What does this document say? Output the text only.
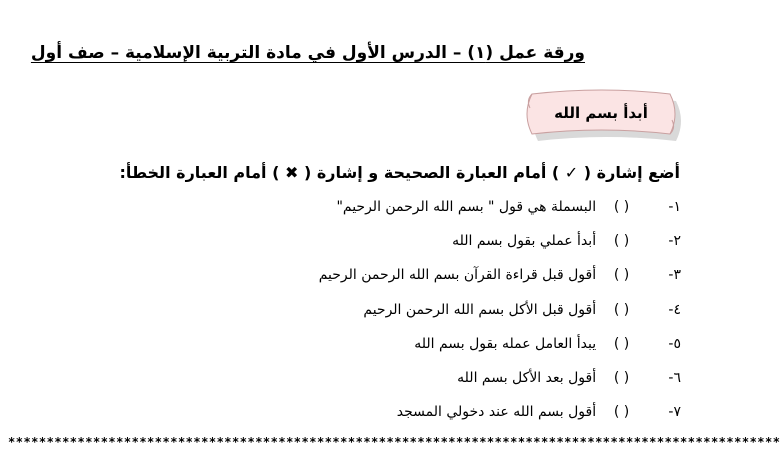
ورقة عمل (١) – الدرس الأول في مادة التربية الإسلامية – صف أول
أبدأ بسم الله
أضع إشارة ( ✓ ) أمام العبارة الصحيحة و إشارة ( ✖ ) أمام العبارة الخطأ:
١- ( ) البسملة هي قول " بسم الله الرحمن الرحيم"
٢- ( ) أبدأ عملي بقول بسم الله
٣- ( ) أقول قبل قراءة القرآن بسم الله الرحمن الرحيم
٤- ( ) أقول قبل الأكل بسم الله الرحمن الرحيم
٥- ( ) يبدأ العامل عمله بقول بسم الله
٦- ( ) أقول بعد الأكل بسم الله
٧- ( ) أقول بسم الله عند دخولي المسجد
****************************************************************************************************
